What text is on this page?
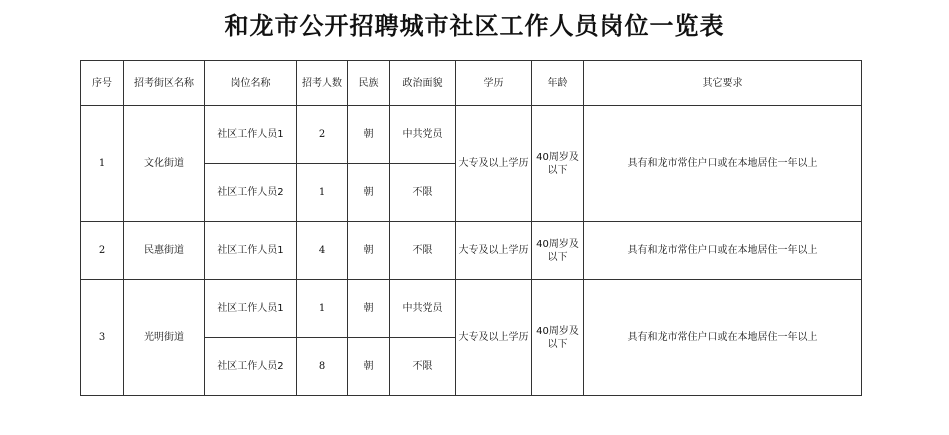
和龙市公开招聘城市社区工作人员岗位一览表
序号	招考街区名称	岗位名称	招考人数	民族	政治面貌	学历	年龄	其它要求
1	文化街道	社区工作人员1	2	朝	中共党员	大专及以上学历	40周岁及以下	具有和龙市常住户口或在本地居住一年以上
		社区工作人员2	1	朝	不限			
2	民惠街道	社区工作人员1	4	朝	不限	大专及以上学历	40周岁及以下	具有和龙市常住户口或在本地居住一年以上
3	光明街道	社区工作人员1	1	朝	中共党员	大专及以上学历	40周岁及以下	具有和龙市常住户口或在本地居住一年以上
		社区工作人员2	8	朝	不限			
